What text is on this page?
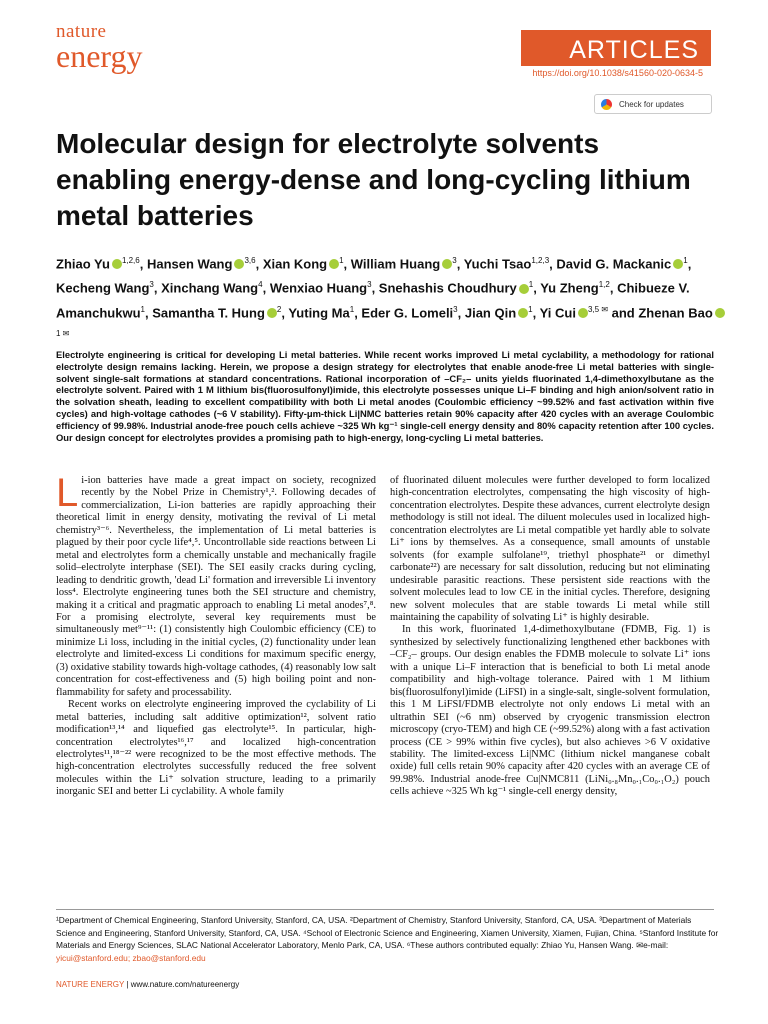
nature
energy	ARTICLES
https://doi.org/10.1038/s41560-020-0634-5
Check for updates
Molecular design for electrolyte solvents enabling energy-dense and long-cycling lithium metal batteries
Zhiao Yu $^{1,2,6}$, Hansen Wang $^{3,6}$, Xian Kong $^1$, William Huang $^3$, Yuchi Tsao$^{1,2,3}$, David G. Mackanic $^1$, Kecheng Wang$^3$, Xinchang Wang$^4$, Wenxiao Huang$^3$, Snehashis Choudhury $^1$, Yu Zheng$^{1,2}$, Chibueze V. Amanchukwu$^1$, Samantha T. Hung $^2$, Yuting Ma$^1$, Eder G. Lomeli$^3$, Jian Qin $^1$, Yi Cui $^{3,5 ✉}$ and Zhenan Bao$^{1 ✉}$

Electrolyte engineering is critical for developing Li metal batteries. While recent works improved Li metal cyclability, a methodology for rational electrolyte design remains lacking. Herein, we propose a design strategy for electrolytes that enable anode-free Li metal batteries with single-solvent single-salt formations at standard concentrations. Rational incorporation of –CF₂– units yields fluorinated 1,4-dimethoxylbutane as the electrolyte solvent. Paired with 1 M lithium bis(fluorosulfonyl)imide, this electrolyte possesses unique Li–F binding and high anion/solvent ratio in the solvation sheath, leading to excellent compatibility with both Li metal anodes (Coulombic efficiency ~99.52% and fast activation within five cycles) and high-voltage cathodes (~6 V stability). Fifty-μm-thick Li|NMC batteries retain 90% capacity after 420 cycles with an average Coulombic efficiency of 99.98%. Industrial anode-free pouch cells achieve ~325 Wh kg⁻¹ single-cell energy density and 80% capacity retention after 100 cycles. Our design concept for electrolytes provides a promising path to high-energy, long-cycling Li metal batteries.

Li-ion batteries have made a great impact on society, recognized recently by the Nobel Prize in Chemistry¹,². Following decades of commercialization, Li-ion batteries are rapidly approaching their theoretical limit in energy density, motivating the revival of Li metal chemistry³⁻⁶. Nevertheless, the implementation of Li metal batteries is plagued by their poor cycle life⁴,⁵. Uncontrollable side reactions between Li metal and electrolytes form a chemically unstable and mechanically fragile solid–electrolyte interphase (SEI). The SEI easily cracks during cycling, leading to dendritic growth, 'dead Li' formation and irreversible Li inventory loss⁴. Electrolyte engineering tunes both the SEI structure and chemistry, making it a critical and pragmatic approach to enabling Li metal anodes⁷,⁸. For a promising electrolyte, several key requirements must be simultaneously met⁹⁻¹¹: (1) consistently high Coulombic efficiency (CE) to minimize Li loss, including in the initial cycles, (2) functionality under lean electrolyte and limited-excess Li conditions for maximum specific energy, (3) oxidative stability towards high-voltage cathodes, (4) reasonably low salt concentration for cost-effectiveness and (5) high boiling point and non-flammability for safety and processability.

Recent works on electrolyte engineering improved the cyclability of Li metal batteries, including salt additive optimization¹², solvent ratio modification¹³,¹⁴ and liquefied gas electrolyte¹⁵. In particular, high-concentration electrolytes¹⁶,¹⁷ and localized high-concentration electrolytes¹¹,¹⁸⁻²² were recognized to be the most effective methods. The high-concentration electrolytes successfully reduced the free solvent molecules within the Li⁺ solvation structure, leading to a primarily inorganic SEI and better Li cyclability. A whole family

of fluorinated diluent molecules were further developed to form localized high-concentration electrolytes, compensating the high viscosity of high-concentration electrolytes. Despite these advances, current electrolyte design methodology is still not ideal. The diluent molecules used in localized high-concentration electrolytes are Li metal compatible yet hardly able to solvate Li⁺ ions by themselves. As a consequence, small amounts of unstable solvents (for example sulfolane¹⁹, triethyl phosphate²¹ or dimethyl carbonate²²) are necessary for salt dissolution, reducing but not eliminating undesirable parasitic reactions. These persistent side reactions with the solvent molecules lead to low CE in the initial cycles. Therefore, designing new solvent molecules that are stable towards Li metal while still maintaining the capability of solvating Li⁺ is highly desirable.

In this work, fluorinated 1,4-dimethoxylbutane (FDMB, Fig. 1) is synthesized by selectively functionalizing lengthened ether backbones with –CF₂– groups. Our design enables the FDMB molecule to solvate Li⁺ ions with a unique Li–F interaction that is beneficial to both Li metal anode compatibility and high-voltage tolerance. Paired with 1 M lithium bis(fluorosulfonyl)imide (LiFSI) in a single-salt, single-solvent formulation, this 1 M LiFSI/FDMB electrolyte not only endows Li metal with an ultrathin SEI (~6 nm) observed by cryogenic transmission electron microscopy (cryo-TEM) and high CE (~99.52%) along with a fast activation process (CE > 99% within five cycles), but also achieves >6 V oxidative stability. The limited-excess Li|NMC (lithium nickel manganese cobalt oxide) full cells retain 90% capacity after 420 cycles with an average CE of 99.98%. Industrial anode-free Cu|NMC811 (LiNi₀.₈Mn₀.₁Co₀.₁O₂) pouch cells achieve ~325 Wh kg⁻¹ single-cell energy density,

¹Department of Chemical Engineering, Stanford University, Stanford, CA, USA. ²Department of Chemistry, Stanford University, Stanford, CA, USA. ³Department of Materials Science and Engineering, Stanford University, Stanford, CA, USA. ⁴School of Electronic Science and Engineering, Xiamen University, Xiamen, Fujian, China. ⁵Stanford Institute for Materials and Energy Sciences, SLAC National Accelerator Laboratory, Menlo Park, CA, USA. ⁶These authors contributed equally: Zhiao Yu, Hansen Wang. ✉e-mail: yicui@stanford.edu; zbao@stanford.edu

NATURE ENERGY | www.nature.com/natureenergy
